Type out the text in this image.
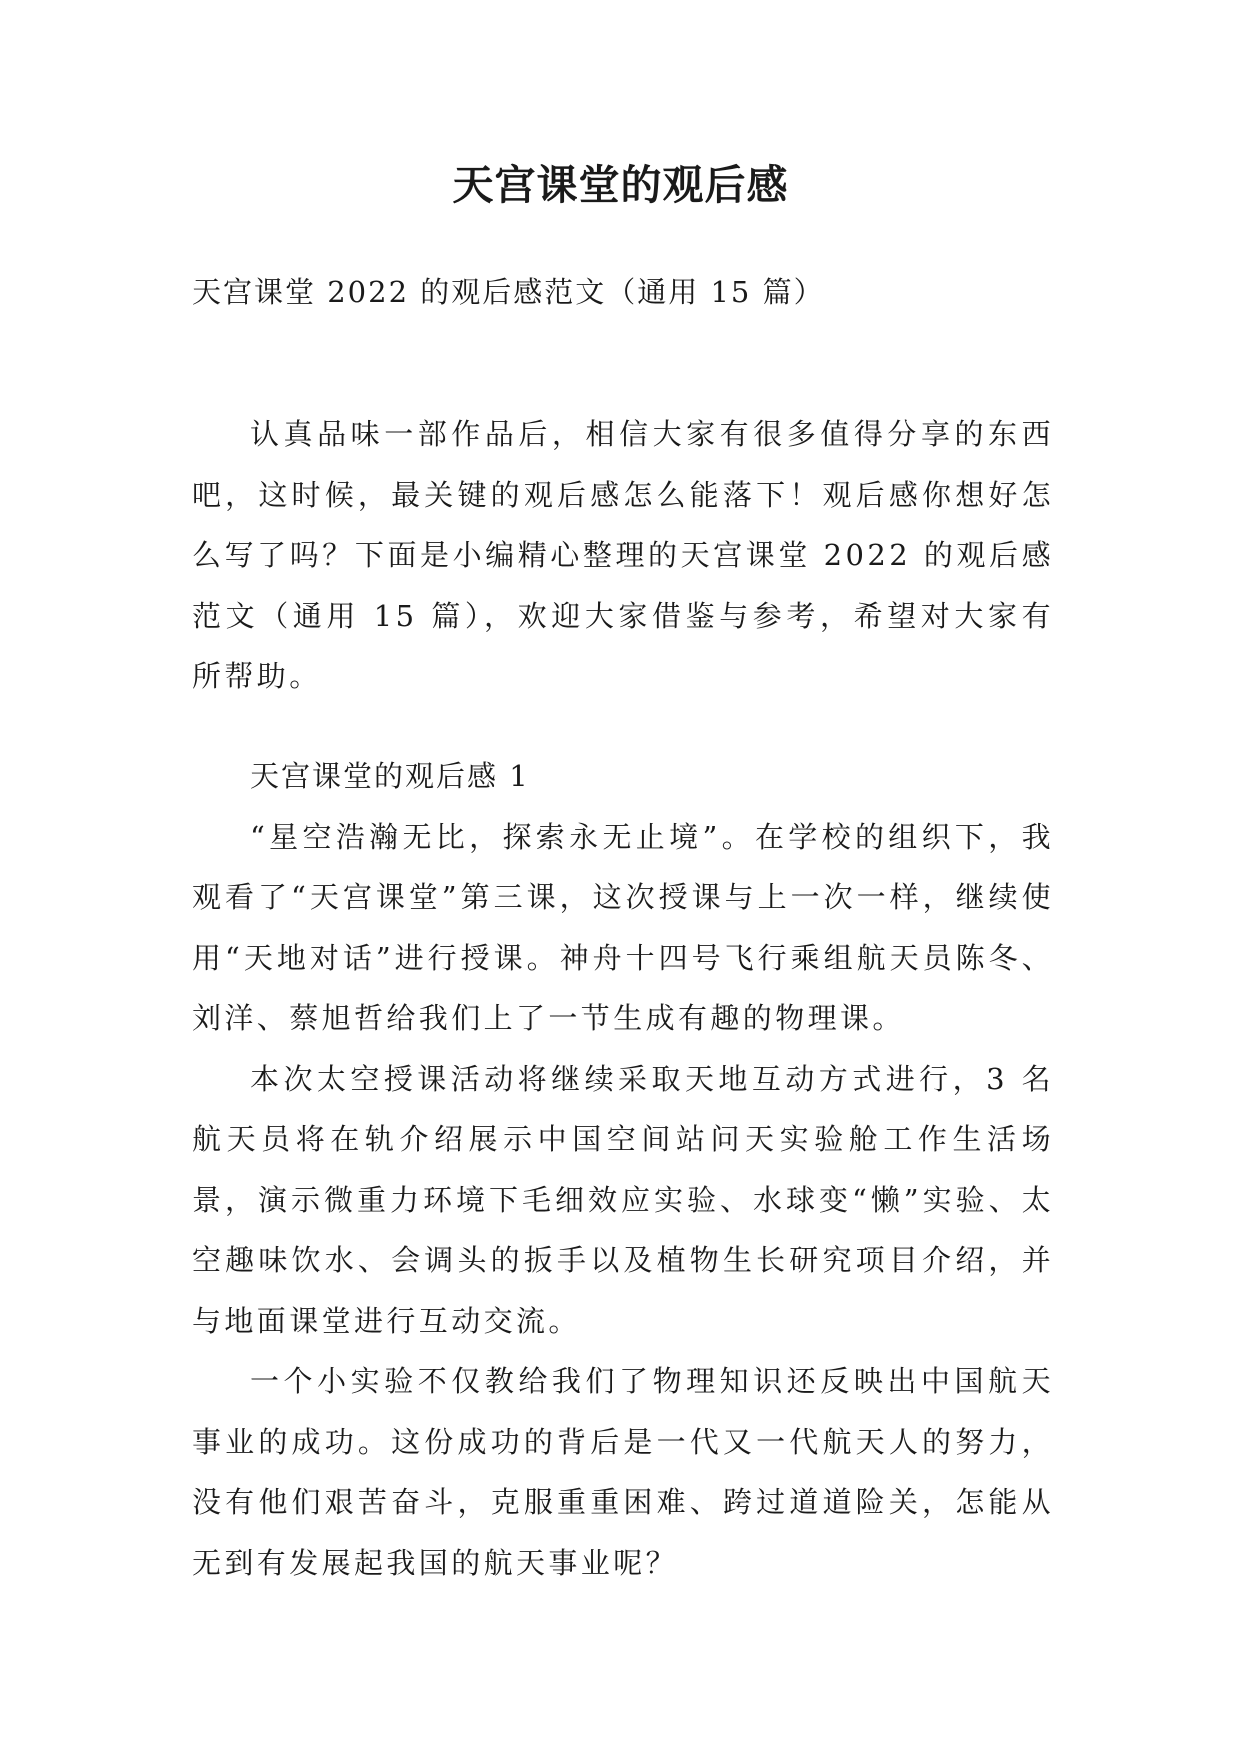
天宫课堂的观后感
天宫课堂 2022 的观后感范文（通用 15 篇）

认真品味一部作品后，相信大家有很多值得分享的东西吧，这时候，最关键的观后感怎么能落下！观后感你想好怎么写了吗？下面是小编精心整理的天宫课堂 2022 的观后感范文（通用 15 篇），欢迎大家借鉴与参考，希望对大家有所帮助。

天宫课堂的观后感 1

“星空浩瀚无比，探索永无止境”。在学校的组织下，我观看了“天宫课堂”第三课，这次授课与上一次一样，继续使用“天地对话”进行授课。神舟十四号飞行乘组航天员陈冬、刘洋、蔡旭哲给我们上了一节生成有趣的物理课。

本次太空授课活动将继续采取天地互动方式进行，3 名航天员将在轨介绍展示中国空间站问天实验舱工作生活场景，演示微重力环境下毛细效应实验、水球变“懒”实验、太空趣味饮水、会调头的扳手以及植物生长研究项目介绍，并与地面课堂进行互动交流。

一个小实验不仅教给我们了物理知识还反映出中国航天事业的成功。这份成功的背后是一代又一代航天人的努力，没有他们艰苦奋斗，克服重重困难、跨过道道险关，怎能从无到有发展起我国的航天事业呢？
